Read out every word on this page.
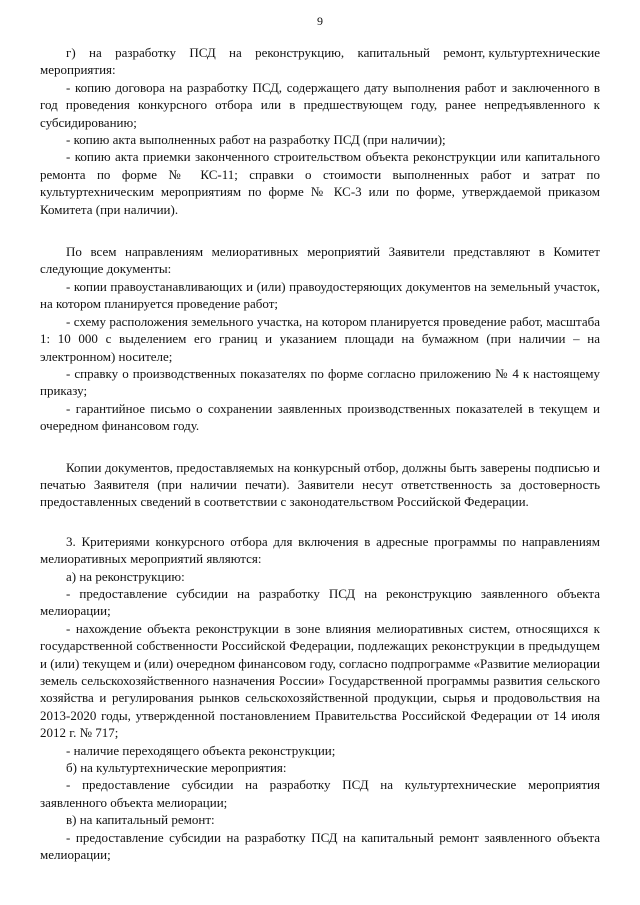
9

г)    на    разработку    ПСД    на    реконструкцию,    капитальный    ремонт, культуртехнические мероприятия:

- копию договора на разработку ПСД, содержащего дату выполнения работ и заключенного в год проведения конкурсного отбора или в предшествующем году, ранее непредъявленного к субсидированию;

- копию акта выполненных работ на разработку ПСД (при наличии);

- копию акта приемки законченного строительством объекта реконструкции или капитального ремонта по форме № КС-11; справки о стоимости выполненных работ и затрат по культуртехническим мероприятиям по форме № КС-3 или по форме, утверждаемой приказом Комитета (при наличии).

По всем направлениям мелиоративных мероприятий Заявители представляют в Комитет следующие документы:

- копии правоустанавливающих и (или) правоудостеряющих документов на земельный участок, на котором планируется проведение работ;

- схему расположения земельного участка, на котором планируется проведение работ, масштаба 1: 10 000 с выделением его границ и указанием площади на бумажном (при наличии – на электронном) носителе;

- справку о производственных показателях по форме согласно приложению № 4 к настоящему приказу;

- гарантийное письмо о сохранении заявленных производственных показателей в текущем и очередном финансовом году.

Копии документов, предоставляемых на конкурсный отбор, должны быть заверены подписью и печатью Заявителя (при наличии печати). Заявители несут ответственность за достоверность предоставленных сведений в соответствии с законодательством Российской Федерации.

3. Критериями конкурсного отбора для включения в адресные программы по направлениям мелиоративных мероприятий являются:

а) на реконструкцию:

- предоставление субсидии на разработку ПСД на реконструкцию заявленного объекта мелиорации;

- нахождение объекта реконструкции в зоне влияния мелиоративных систем, относящихся к государственной собственности Российской Федерации, подлежащих реконструкции в предыдущем и (или) текущем и (или) очередном финансовом году, согласно подпрограмме «Развитие мелиорации земель сельскохозяйственного назначения России» Государственной программы развития сельского хозяйства и регулирования рынков сельскохозяйственной продукции, сырья и продовольствия на 2013-2020 годы, утвержденной постановлением Правительства Российской Федерации от 14 июля 2012 г. № 717;

- наличие переходящего объекта реконструкции;

б) на культуртехнические мероприятия:

- предоставление субсидии на разработку ПСД на культуртехнические мероприятия заявленного объекта мелиорации;

в) на капитальный ремонт:

- предоставление субсидии на разработку ПСД на капитальный ремонт заявленного объекта мелиорации;
